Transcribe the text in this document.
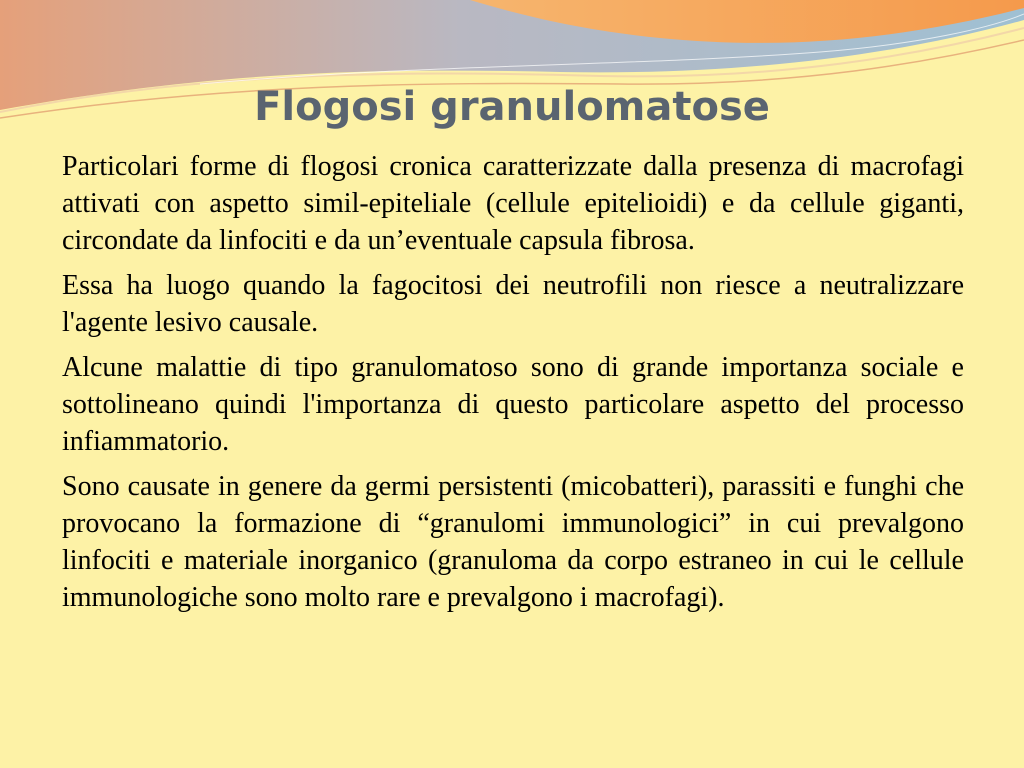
Flogosi granulomatose

Particolari forme di flogosi cronica caratterizzate dalla presenza di macrofagi attivati con aspetto simil-epiteliale (cellule epitelioidi) e da cellule giganti, circondate da linfociti e da un’eventuale capsula fibrosa.

Essa ha luogo quando la fagocitosi dei neutrofili non riesce a neutralizzare l'agente lesivo causale.

Alcune malattie di tipo granulomatoso sono di grande importanza sociale e sottolineano quindi l'importanza di questo particolare aspetto del processo infiammatorio.

Sono causate in genere da germi persistenti (micobatteri), parassiti e funghi che provocano la formazione di “granulomi immunologici” in cui prevalgono linfociti e materiale inorganico (granuloma da corpo estraneo in cui le cellule immunologiche sono molto rare e prevalgono i macrofagi).
